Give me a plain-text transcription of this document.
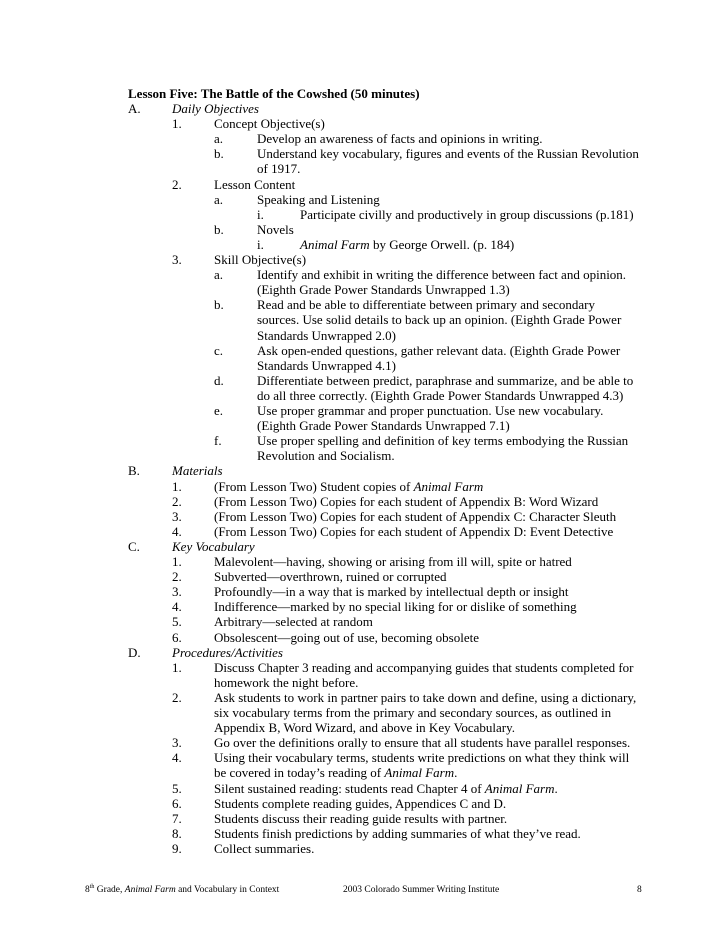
Lesson Five: The Battle of the Cowshed (50 minutes)
A. Daily Objectives
1. Concept Objective(s)
a.	Develop an awareness of facts and opinions in writing.
b.	Understand key vocabulary, figures and events of the Russian Revolution
of 1917.
2. Lesson Content
a.	Speaking and Listening
i.	Participate civilly and productively in group discussions (p.181)
b.	Novels
i.	Animal Farm by George Orwell. (p. 184)
3. Skill Objective(s)
a.	Identify and exhibit in writing the difference between fact and opinion.
(Eighth Grade Power Standards Unwrapped 1.3)
b.	Read and be able to differentiate between primary and secondary
sources. Use solid details to back up an opinion. (Eighth Grade Power
Standards Unwrapped 2.0)
c.	Ask open-ended questions, gather relevant data. (Eighth Grade Power
Standards Unwrapped 4.1)
d.	Differentiate between predict, paraphrase and summarize, and be able to
do all three correctly. (Eighth Grade Power Standards Unwrapped 4.3)
e.	Use proper grammar and proper punctuation. Use new vocabulary.
(Eighth Grade Power Standards Unwrapped 7.1)
f.	Use proper spelling and definition of key terms embodying the Russian
Revolution and Socialism.
B. Materials
1. (From Lesson Two) Student copies of Animal Farm
2. (From Lesson Two) Copies for each student of Appendix B: Word Wizard
3. (From Lesson Two) Copies for each student of Appendix C: Character Sleuth
4. (From Lesson Two) Copies for each student of Appendix D: Event Detective
C. Key Vocabulary
1. Malevolent—having, showing or arising from ill will, spite or hatred
2. Subverted—overthrown, ruined or corrupted
3. Profoundly—in a way that is marked by intellectual depth or insight
4. Indifference—marked by no special liking for or dislike of something
5. Arbitrary—selected at random
6. Obsolescent—going out of use, becoming obsolete
D. Procedures/Activities
1. Discuss Chapter 3 reading and accompanying guides that students completed for
homework the night before.
2. Ask students to work in partner pairs to take down and define, using a dictionary,
six vocabulary terms from the primary and secondary sources, as outlined in
Appendix B, Word Wizard, and above in Key Vocabulary.
3. Go over the definitions orally to ensure that all students have parallel responses.
4. Using their vocabulary terms, students write predictions on what they think will
be covered in today’s reading of Animal Farm.
5. Silent sustained reading: students read Chapter 4 of Animal Farm.
6. Students complete reading guides, Appendices C and D.
7. Students discuss their reading guide results with partner.
8. Students finish predictions by adding summaries of what they’ve read.
9. Collect summaries.
8th Grade, Animal Farm and Vocabulary in Context	2003 Colorado Summer Writing Institute	8
